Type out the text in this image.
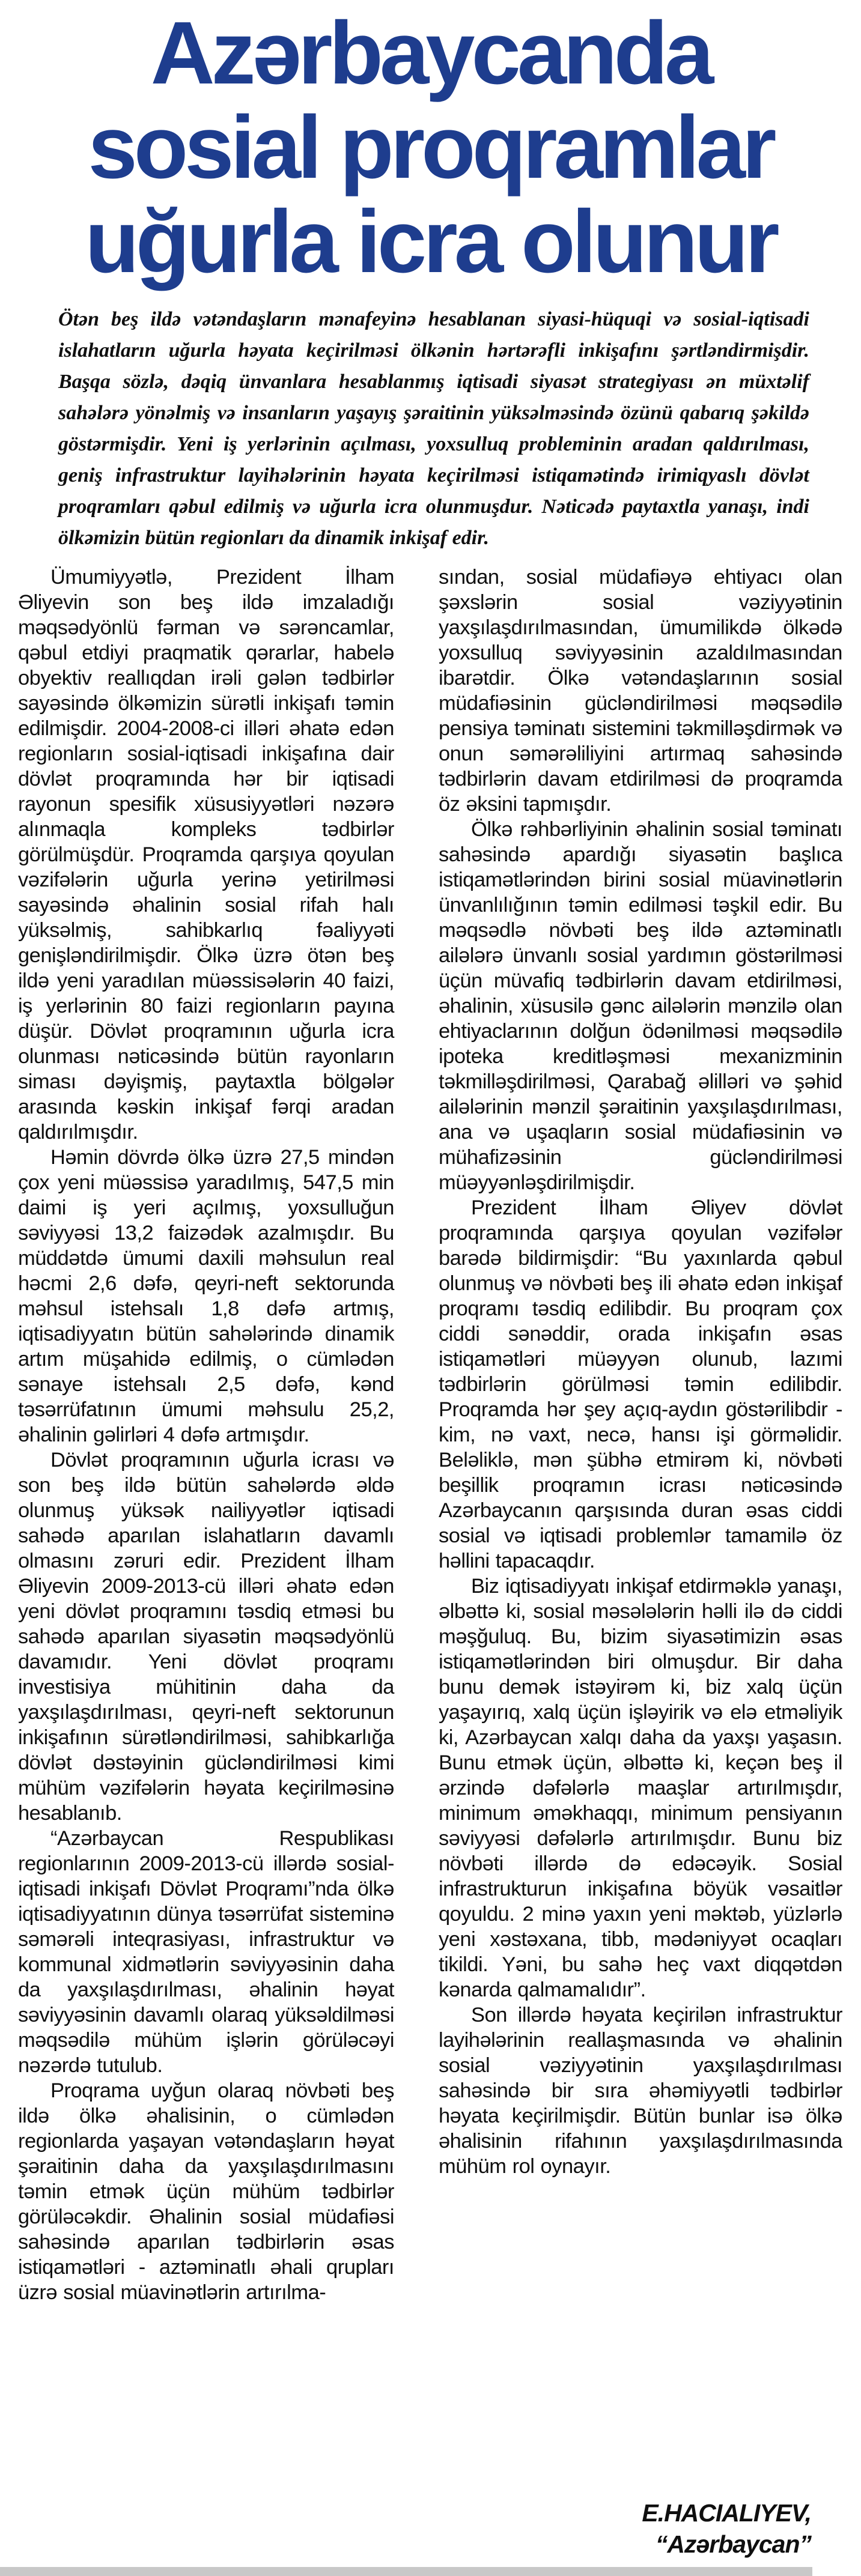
Azərbaycanda
sosial proqramlar
uğurla icra olunur

Ötən beş ildə vətəndaşların mənafeyinə hesablanan siyasi-hüquqi və sosial-iqtisadi islahatların uğurla həyata keçirilməsi ölkənin hərtərəfli inkişafını şərtləndirmişdir. Başqa sözlə, dəqiq ünvanlara hesablanmış iqtisadi siyasət strategiyası ən müxtəlif sahələrə yönəlmiş və insanların yaşayış şəraitinin yüksəlməsində özünü qabarıq şəkildə göstərmişdir. Yeni iş yerlərinin açılması, yoxsulluq probleminin aradan qaldırılması, geniş infrastruktur layihələrinin həyata keçirilməsi istiqamətində irimiqyaslı dövlət proqramları qəbul edilmiş və uğurla icra olunmuşdur. Nəticədə paytaxtla yanaşı, indi ölkəmizin bütün regionları da dinamik inkişaf edir.

Ümumiyyətlə, Prezident İlham Əliyevin son beş ildə imzaladığı məqsədyönlü fərman və sərəncamlar, qəbul etdiyi praqmatik qərarlar, habelə obyektiv reallıqdan irəli gələn tədbirlər sayəsində ölkəmizin sürətli inkişafı təmin edilmişdir. 2004-2008-ci illəri əhatə edən regionların sosial-iqtisadi inkişafına dair dövlət proqramında hər bir iqtisadi rayonun spesifik xüsusiyyətləri nəzərə alınmaqla kompleks tədbirlər görülmüşdür. Proqramda qarşıya qoyulan vəzifələrin uğurla yerinə yetirilməsi sayəsində əhalinin sosial rifah halı yüksəlmiş, sahibkarlıq fəaliyyəti genişləndirilmişdir. Ölkə üzrə ötən beş ildə yeni yaradılan müəssisələrin 40 faizi, iş yerlərinin 80 faizi regionların payına düşür. Dövlət proqramının uğurla icra olunması nəticəsində bütün rayonların siması dəyişmiş, paytaxtla bölgələr arasında kəskin inkişaf fərqi aradan qaldırılmışdır.

Həmin dövrdə ölkə üzrə 27,5 mindən çox yeni müəssisə yaradılmış, 547,5 min daimi iş yeri açılmış, yoxsulluğun səviyyəsi 13,2 faizədək azalmışdır. Bu müddətdə ümumi daxili məhsulun real həcmi 2,6 dəfə, qeyri-neft sektorunda məhsul istehsalı 1,8 dəfə artmış, iqtisadiyyatın bütün sahələrində dinamik artım müşahidə edilmiş, o cümlədən sənaye istehsalı 2,5 dəfə, kənd təsərrüfatının ümumi məhsulu 25,2, əhalinin gəlirləri 4 dəfə artmışdır.

Dövlət proqramının uğurla icrası və son beş ildə bütün sahələrdə əldə olunmuş yüksək nailiyyətlər iqtisadi sahədə aparılan islahatların davamlı olmasını zəruri edir. Prezident İlham Əliyevin 2009-2013-cü illəri əhatə edən yeni dövlət proqramını təsdiq etməsi bu sahədə aparılan siyasətin məqsədyönlü davamıdır. Yeni dövlət proqramı investisiya mühitinin daha da yaxşılaşdırılması, qeyri-neft sektorunun inkişafının sürətləndirilməsi, sahibkarlığa dövlət dəstəyinin gücləndirilməsi kimi mühüm vəzifələrin həyata keçirilməsinə hesablanıb.

“Azərbaycan Respublikası regionlarının 2009-2013-cü illərdə sosial-iqtisadi inkişafı Dövlət Proqramı”nda ölkə iqtisadiyyatının dünya təsərrüfat sisteminə səmərəli inteqrasiyası, infrastruktur və kommunal xidmətlərin səviyyəsinin daha da yaxşılaşdırılması, əhalinin həyat səviyyəsinin davamlı olaraq yüksəldilməsi məqsədilə mühüm işlərin görüləcəyi nəzərdə tutulub.

Proqrama uyğun olaraq növbəti beş ildə ölkə əhalisinin, o cümlədən regionlarda yaşayan vətəndaşların həyat şəraitinin daha da yaxşılaşdırılmasını təmin etmək üçün mühüm tədbirlər görüləcəkdir. Əhalinin sosial müdafiəsi sahəsində aparılan tədbirlərin əsas istiqamətləri - aztəminatlı əhali qrupları üzrə sosial müavinətlərin artırılma-

sından, sosial müdafiəyə ehtiyacı olan şəxslərin sosial vəziyyətinin yaxşılaşdırılmasından, ümumilikdə ölkədə yoxsulluq səviyyəsinin azaldılmasından ibarətdir. Ölkə vətəndaşlarının sosial müdafiəsinin gücləndirilməsi məqsədilə pensiya təminatı sistemini təkmilləşdirmək və onun səmərəliliyini artırmaq sahəsində tədbirlərin davam etdirilməsi də proqramda öz əksini tapmışdır.

Ölkə rəhbərliyinin əhalinin sosial təminatı sahəsində apardığı siyasətin başlıca istiqamətlərindən birini sosial müavinətlərin ünvanlılığının təmin edilməsi təşkil edir. Bu məqsədlə növbəti beş ildə aztəminatlı ailələrə ünvanlı sosial yardımın göstərilməsi üçün müvafiq tədbirlərin davam etdirilməsi, əhalinin, xüsusilə gənc ailələrin mənzilə olan ehtiyaclarının dolğun ödənilməsi məqsədilə ipoteka kreditləşməsi mexanizminin təkmilləşdirilməsi, Qarabağ əlilləri və şəhid ailələrinin mənzil şəraitinin yaxşılaşdırılması, ana və uşaqların sosial müdafiəsinin və mühafizəsinin gücləndirilməsi müəyyənləşdirilmişdir.

Prezident İlham Əliyev dövlət proqramında qarşıya qoyulan vəzifələr barədə bildirmişdir: “Bu yaxınlarda qəbul olunmuş və növbəti beş ili əhatə edən inkişaf proqramı təsdiq edilibdir. Bu proqram çox ciddi sənəddir, orada inkişafın əsas istiqamətləri müəyyən olunub, lazımi tədbirlərin görülməsi təmin edilibdir. Proqramda hər şey açıq-aydın göstərilibdir - kim, nə vaxt, necə, hansı işi görməlidir. Beləliklə, mən şübhə etmirəm ki, növbəti beşillik proqramın icrası nəticəsində Azərbaycanın qarşısında duran əsas ciddi sosial və iqtisadi problemlər tamamilə öz həllini tapacaqdır.

Biz iqtisadiyyatı inkişaf etdirməklə yanaşı, əlbəttə ki, sosial məsələlərin həlli ilə də ciddi məşğuluq. Bu, bizim siyasətimizin əsas istiqamətlərindən biri olmuşdur. Bir daha bunu demək istəyirəm ki, biz xalq üçün yaşayırıq, xalq üçün işləyirik və elə etməliyik ki, Azərbaycan xalqı daha da yaxşı yaşasın. Bunu etmək üçün, əlbəttə ki, keçən beş il ərzində dəfələrlə maaşlar artırılmışdır, minimum əməkhaqqı, minimum pensiyanın səviyyəsi dəfələrlə artırılmışdır. Bunu biz növbəti illərdə də edəcəyik. Sosial infrastrukturun inkişafına böyük vəsaitlər qoyuldu. 2 minə yaxın yeni məktəb, yüzlərlə yeni xəstəxana, tibb, mədəniyyət ocaqları tikildi. Yəni, bu sahə heç vaxt diqqətdən kənarda qalmamalıdır”.

Son illərdə həyata keçirilən infrastruktur layihələrinin reallaşmasında və əhalinin sosial vəziyyətinin yaxşılaşdırılması sahəsində bir sıra əhəmiyyətli tədbirlər həyata keçirilmişdir. Bütün bunlar isə ölkə əhalisinin rifahının yaxşılaşdırılmasında mühüm rol oynayır.

E.HACIALIYEV,
“Azərbaycan”
